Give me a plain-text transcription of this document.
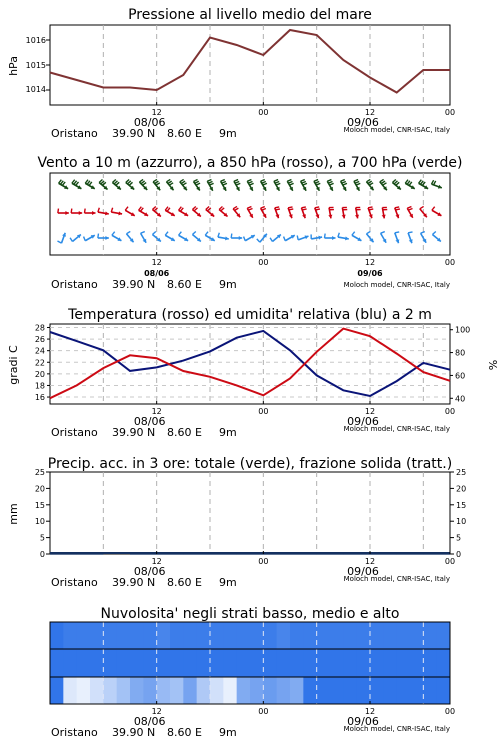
Pressione al livello medio del mare
1016
1015
1014
hPa
12	00	12	00
08/06	09/06
Oristano 39.90 N 8.60 E 9m	Moloch model, CNR-ISAC, Italy
Vento a 10 m (azzurro), a 850 hPa (rosso), a 700 hPa (verde)
12	00	12	00
08/06	09/06
Oristano 39.90 N 8.60 E 9m	Moloch model, CNR-ISAC, Italy
Temperatura (rosso) ed umidita' relativa (blu) a 2 m
28
26
24
22
20
18
16
100
80
60
40
gradi C	%
12	00	12	00
08/06	09/06
Oristano 39.90 N 8.60 E 9m	Moloch model, CNR-ISAC, Italy
Precip. acc. in 3 ore: totale (verde), frazione solida (tratt.)
25	25
20	20
15	15
10	10
5	5
0	0
mm
12	00	12	00
08/06	09/06
Oristano 39.90 N 8.60 E 9m	Moloch model, CNR-ISAC, Italy
Nuvolosita' negli strati basso, medio e alto
12	00	12	00
08/06	09/06
Oristano 39.90 N 8.60 E 9m	Moloch model, CNR-ISAC, Italy
